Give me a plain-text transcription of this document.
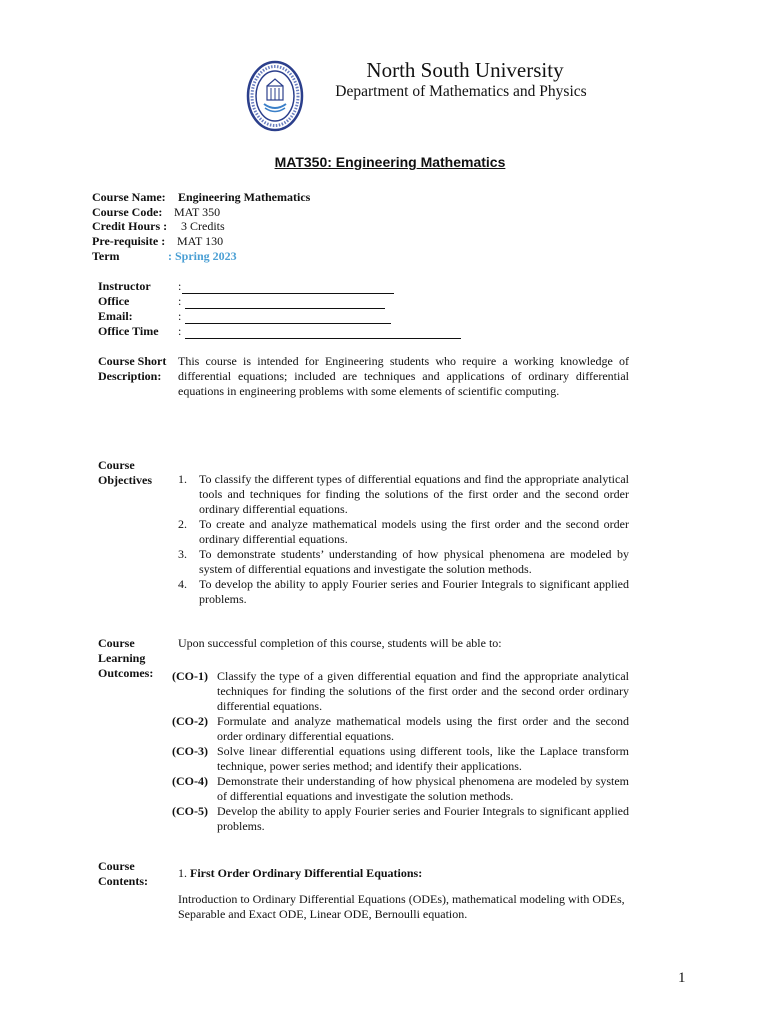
North South University
Department of Mathematics and Physics
MAT350: Engineering Mathematics
Course Name: Engineering Mathematics
Course Code: MAT 350
Credit Hours : 3 Credits
Pre-requisite : MAT 130
Term	: Spring 2023
Instructor :
Office	:
Email:	:
Office Time :
Course Short Description:
This course is intended for Engineering students who require a working knowledge of differential equations; included are techniques and applications of ordinary differential equations in engineering problems with some elements of scientific computing.
Course Objectives	1. To classify the different types of differential equations and find the appropriate analytical tools and techniques for finding the solutions of the first order and the second order ordinary differential equations.
2. To create and analyze mathematical models using the first order and the second order ordinary differential equations.
3. To demonstrate students’ understanding of how physical phenomena are modeled by system of differential equations and investigate the solution methods.
4. To develop the ability to apply Fourier series and Fourier Integrals to significant applied problems.
Course Learning Outcomes:
Upon successful completion of this course, students will be able to:
(CO-1) Classify the type of a given differential equation and find the appropriate analytical techniques for finding the solutions of the first order and the second order ordinary differential equations.
(CO-2) Formulate and analyze mathematical models using the first order and the second order ordinary differential equations.
(CO-3) Solve linear differential equations using different tools, like the Laplace transform technique, power series method; and identify their applications.
(CO-4) Demonstrate their understanding of how physical phenomena are modeled by system of differential equations and investigate the solution methods.
(CO-5) Develop the ability to apply Fourier series and Fourier Integrals to significant applied problems.
Course Contents:
1. First Order Ordinary Differential Equations:
Introduction to Ordinary Differential Equations (ODEs), mathematical modeling with ODEs, Separable and Exact ODE, Linear ODE, Bernoulli equation.
1
